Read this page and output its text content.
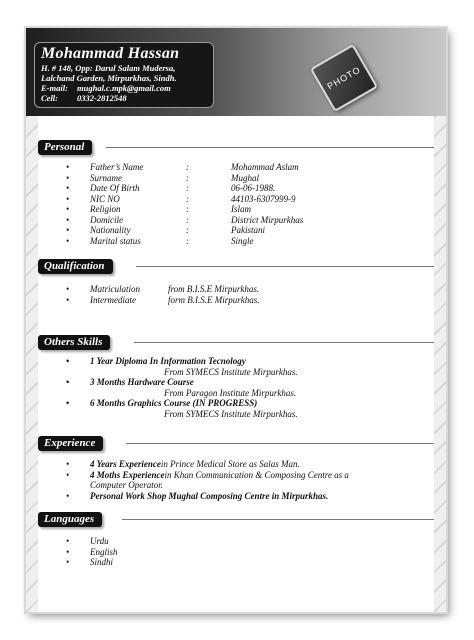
Mohammad Hassan

H. # 148, Opp: Darul Salam Mudersa,
Lalchand Garden, Mirpurkhas, Sindh.
E-mail:	mughal.c.mpk@gmail.com
Cell:	0332-2812548
PHOTO
Personal
•	Father’s Name	:	Mohammad Aslam
•	Surname	:	Mughal
•	Date Of Birth	:	06-06-1988.
•	NIC NO	:	44103-6307999-9
•	Religion	:	Islam
•	Domicile	:	District Mirpurkhas
•	Nationality	:	Pakistani
•	Marital status	:	Single
Qualification
•	Matriculation	from B.I.S.E Mirpurkhas.
•	Intermediate	form B.I.S.E Mirpurkhas.
Others Skills
•	1 Year Diploma In Information Tecnology
From SYMECS Institute Mirpurkhas.
•	3 Months Hardware Course
From Paragon Institute Mirpurkhas.
•	6 Months Graphics Course (IN PROGRESS)
From SYMECS Institute Mirpurkhas.
Experience
•	4 Years Experience in Prince Medical Store as Salas Man.
•	4 Moths Experience in Khan Communication & Composing Centre as a
Computer Operator.
•	Personal Work Shop Mughal Composing Centre in Mirpurkhas.
Languages
•	Urdu
•	English
•	Sindhi
